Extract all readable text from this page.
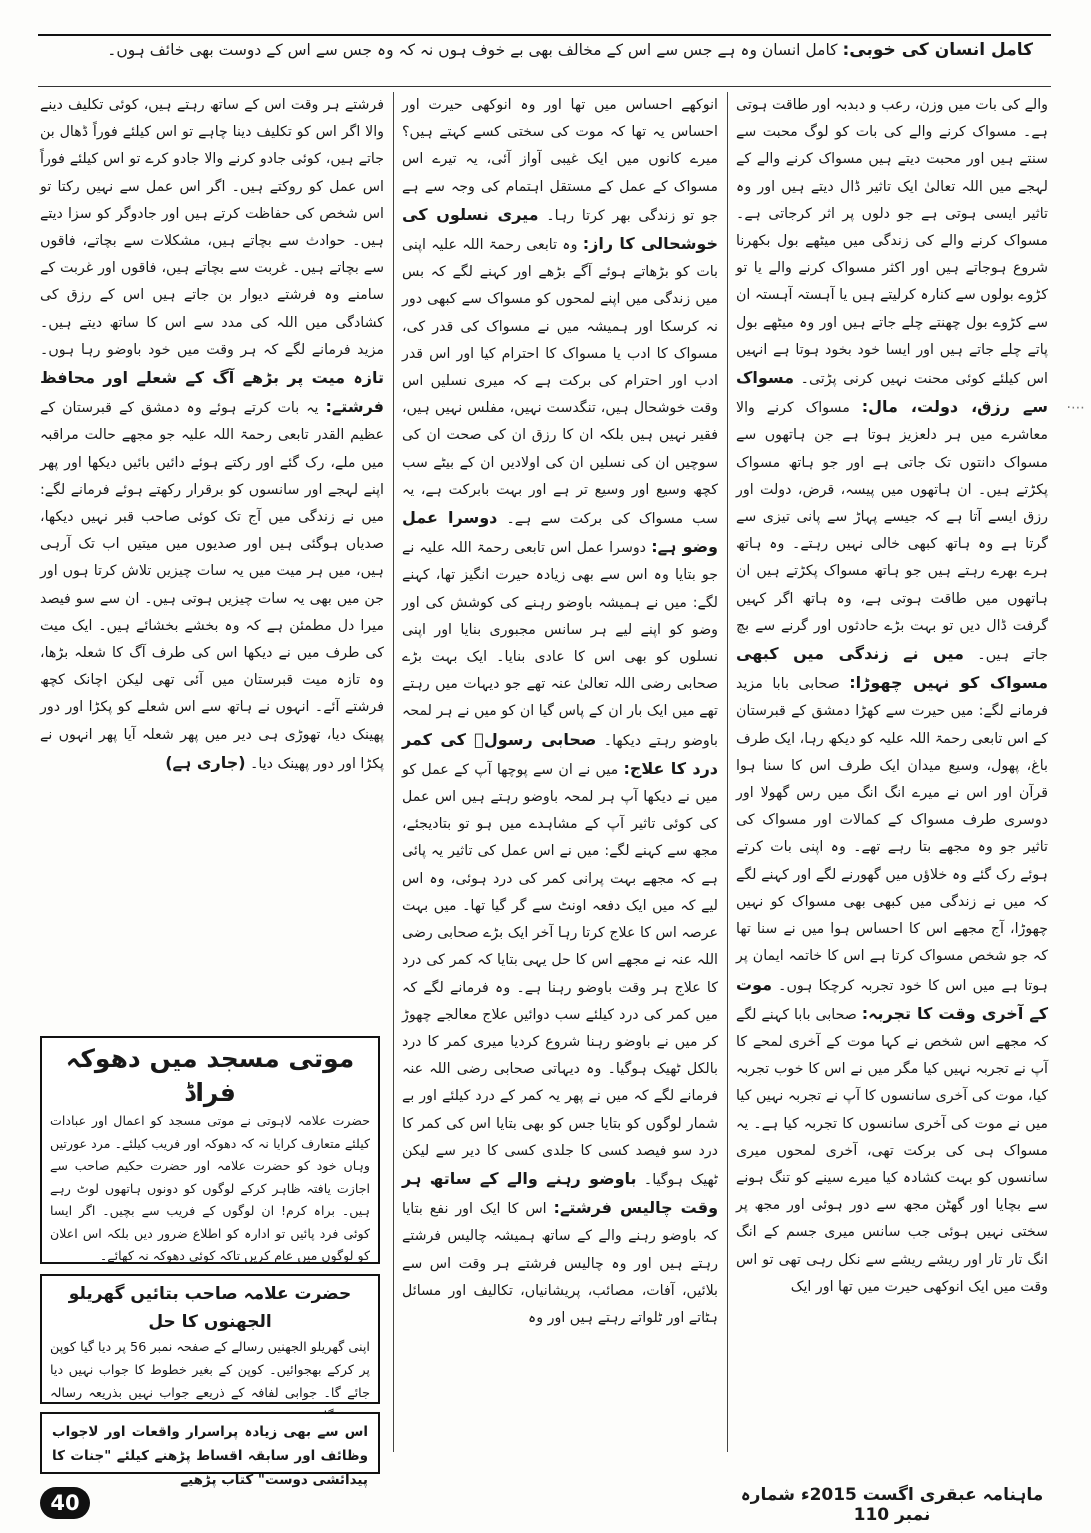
کامل انسان کی خوبی: کامل انسان وہ ہے جس سے اس کے مخالف بھی بے خوف ہوں نہ کہ وہ جس سے اس کے دوست بھی خائف ہوں۔

والے کی بات میں وزن، رعب و دبدبہ اور طاقت ہوتی ہے۔ مسواک کرنے والے کی بات کو لوگ محبت سے سنتے ہیں اور محبت دیتے ہیں مسواک کرنے والے کے لہجے میں اللہ تعالیٰ ایک تاثیر ڈال دیتے ہیں اور وہ تاثیر ایسی ہوتی ہے جو دلوں پر اثر کرجاتی ہے۔ مسواک کرنے والے کی زندگی میں میٹھے بول بکھرنا شروع ہوجاتے ہیں اور اکثر مسواک کرنے والے یا تو کڑوے بولوں سے کنارہ کرلیتے ہیں یا آہستہ آہستہ ان سے کڑوے بول چھنتے چلے جاتے ہیں اور وہ میٹھے بول پاتے چلے جاتے ہیں اور ایسا خود بخود ہوتا ہے انہیں اس کیلئے کوئی محنت نہیں کرنی پڑتی۔ مسواک سے رزق، دولت، مال: مسواک کرنے والا معاشرے میں ہر دلعزیز ہوتا ہے جن ہاتھوں سے مسواک دانتوں تک جاتی ہے اور جو ہاتھ مسواک پکڑتے ہیں۔ ان ہاتھوں میں پیسہ، قرض، دولت اور رزق ایسے آتا ہے کہ جیسے پہاڑ سے پانی تیزی سے گرتا ہے وہ ہاتھ کبھی خالی نہیں رہتے۔ وہ ہاتھ ہرے بھرے رہتے ہیں جو ہاتھ مسواک پکڑتے ہیں ان ہاتھوں میں طاقت ہوتی ہے، وہ ہاتھ اگر کہیں گرفت ڈال دیں تو بہت بڑے حادثوں اور گرنے سے بچ جاتے ہیں۔ میں نے زندگی میں کبھی مسواک کو نہیں چھوڑا: صحابی بابا مزید فرمانے لگے: میں حیرت سے کھڑا دمشق کے قبرستان کے اس تابعی رحمۃ اللہ علیہ کو دیکھ رہا، ایک طرف باغ، پھول، وسیع میدان ایک طرف اس کا سنا ہوا قرآن اور اس نے میرے انگ انگ میں رس گھولا اور دوسری طرف مسواک کے کمالات اور مسواک کی تاثیر جو وہ مجھے بتا رہے تھے۔ وہ اپنی بات کرتے ہوئے رک گئے وہ خلاؤں میں گھورنے لگے اور کہنے لگے کہ میں نے زندگی میں کبھی بھی مسواک کو نہیں چھوڑا، آج مجھے اس کا احساس ہوا میں نے سنا تھا کہ جو شخص مسواک کرتا ہے اس کا خاتمہ ایمان پر ہوتا ہے میں اس کا خود تجربہ کرچکا ہوں۔ موت کے آخری وقت کا تجربہ: صحابی بابا کہنے لگے کہ مجھے اس شخص نے کہا موت کے آخری لمحے کا آپ نے تجربہ نہیں کیا مگر میں نے اس کا خوب تجربہ کیا، موت کی آخری سانسوں کا آپ نے تجربہ نہیں کیا میں نے موت کی آخری سانسوں کا تجربہ کیا ہے۔ یہ مسواک ہی کی برکت تھی، آخری لمحوں میری سانسوں کو بہت کشادہ کیا میرے سینے کو تنگ ہونے سے بچایا اور گھٹن مجھ سے دور ہوئی اور مجھ پر سختی نہیں ہوئی جب سانس میری جسم کے انگ انگ تار تار اور ریشے ریشے سے نکل رہی تھی تو اس وقت میں ایک انوکھی حیرت میں تھا اور ایک

انوکھے احساس میں تھا اور وہ انوکھی حیرت اور احساس یہ تھا کہ موت کی سختی کسے کہتے ہیں؟ میرے کانوں میں ایک غیبی آواز آئی، یہ تیرے اس مسواک کے عمل کے مستقل اہتمام کی وجہ سے ہے جو تو زندگی بھر کرتا رہا۔ میری نسلوں کی خوشحالی کا راز: وہ تابعی رحمۃ اللہ علیہ اپنی بات کو بڑھاتے ہوئے آگے بڑھے اور کہنے لگے کہ بس میں زندگی میں اپنے لمحوں کو مسواک سے کبھی دور نہ کرسکا اور ہمیشہ میں نے مسواک کی قدر کی، مسواک کا ادب یا مسواک کا احترام کیا اور اس قدر ادب اور احترام کی برکت ہے کہ میری نسلیں اس وقت خوشحال ہیں، تنگدست نہیں، مفلس نہیں ہیں، فقیر نہیں ہیں بلکہ ان کا رزق ان کی صحت ان کی سوچیں ان کی نسلیں ان کی اولادیں ان کے بیٹے سب کچھ وسیع اور وسیع تر ہے اور بہت بابرکت ہے، یہ سب مسواک کی برکت سے ہے۔ دوسرا عمل وضو ہے: دوسرا عمل اس تابعی رحمۃ اللہ علیہ نے جو بتایا وہ اس سے بھی زیادہ حیرت انگیز تھا، کہنے لگے: میں نے ہمیشہ باوضو رہنے کی کوشش کی اور وضو کو اپنے لیے ہر سانس مجبوری بنایا اور اپنی نسلوں کو بھی اس کا عادی بنایا۔ ایک بہت بڑے صحابی رضی اللہ تعالیٰ عنہ تھے جو دیہات میں رہتے تھے میں ایک بار ان کے پاس گیا ان کو میں نے ہر لمحہ باوضو رہتے دیکھا۔ صحابی رسولؐ کی کمر درد کا علاج: میں نے ان سے پوچھا آپ کے عمل کو میں نے دیکھا آپ ہر لمحہ باوضو رہتے ہیں اس عمل کی کوئی تاثیر آپ کے مشاہدے میں ہو تو بتادیجئے، مجھ سے کہنے لگے: میں نے اس عمل کی تاثیر یہ پائی ہے کہ مجھے بہت پرانی کمر کی درد ہوئی، وہ اس لیے کہ میں ایک دفعہ اونٹ سے گر گیا تھا۔ میں بہت عرصہ اس کا علاج کرتا رہا آخر ایک بڑے صحابی رضی اللہ عنہ نے مجھے اس کا حل یہی بتایا کہ کمر کی درد کا علاج ہر وقت باوضو رہنا ہے۔ وہ فرمانے لگے کہ میں کمر کی درد کیلئے سب دوائیں علاج معالجے چھوڑ کر میں نے باوضو رہنا شروع کردیا میری کمر کا درد بالکل ٹھیک ہوگیا۔ وہ دیہاتی صحابی رضی اللہ عنہ فرمانے لگے کہ میں نے پھر یہ کمر کے درد کیلئے اور بے شمار لوگوں کو بتایا جس کو بھی بتایا اس کی کمر کا درد سو فیصد کسی کا جلدی کسی کا دیر سے لیکن ٹھیک ہوگیا۔ باوضو رہنے والے کے ساتھ ہر وقت چالیس فرشتے: اس کا ایک اور نفع بتایا کہ باوضو رہنے والے کے ساتھ ہمیشہ چالیس فرشتے رہتے ہیں اور وہ چالیس فرشتے ہر وقت اس سے بلائیں، آفات، مصائب، پریشانیاں، تکالیف اور مسائل ہٹاتے اور ٹلواتے رہتے ہیں اور وہ

فرشتے ہر وقت اس کے ساتھ رہتے ہیں، کوئی تکلیف دینے والا اگر اس کو تکلیف دینا چاہے تو اس کیلئے فوراً ڈھال بن جاتے ہیں، کوئی جادو کرنے والا جادو کرے تو اس کیلئے فوراً اس عمل کو روکتے ہیں۔ اگر اس عمل سے نہیں رکتا تو اس شخص کی حفاظت کرتے ہیں اور جادوگر کو سزا دیتے ہیں۔ حوادث سے بچاتے ہیں، مشکلات سے بچاتے، فاقوں سے بچاتے ہیں۔ غربت سے بچاتے ہیں، فاقوں اور غربت کے سامنے وہ فرشتے دیوار بن جاتے ہیں اس کے رزق کی کشادگی میں اللہ کی مدد سے اس کا ساتھ دیتے ہیں۔ مزید فرمانے لگے کہ ہر وقت میں خود باوضو رہا ہوں۔ تازہ میت پر بڑھے آگ کے شعلے اور محافظ فرشتے: یہ بات کرتے ہوئے وہ دمشق کے قبرستان کے عظیم القدر تابعی رحمۃ اللہ علیہ جو مجھے حالت مراقبہ میں ملے، رک گئے اور رکتے ہوئے دائیں بائیں دیکھا اور پھر اپنے لہجے اور سانسوں کو برقرار رکھتے ہوئے فرمانے لگے: میں نے زندگی میں آج تک کوئی صاحب قبر نہیں دیکھا، صدیاں ہوگئی ہیں اور صدیوں میں میتیں اب تک آرہی ہیں، میں ہر میت میں یہ سات چیزیں تلاش کرتا ہوں اور جن میں بھی یہ سات چیزیں ہوتی ہیں۔ ان سے سو فیصد میرا دل مطمئن ہے کہ وہ بخشے بخشائے ہیں۔ ایک میت کی طرف میں نے دیکھا اس کی طرف آگ کا شعلہ بڑھا، وہ تازہ میت قبرستان میں آئی تھی لیکن اچانک کچھ فرشتے آئے۔ انہوں نے ہاتھ سے اس شعلے کو پکڑا اور دور پھینک دیا، تھوڑی ہی دیر میں پھر شعلہ آیا پھر انہوں نے پکڑا اور دور پھینک دیا۔ (جاری ہے)

موتی مسجد میں دھوکہ فراڈ

حضرت علامہ لاہوتی نے موتی مسجد کو اعمال اور عبادات کیلئے متعارف کرایا نہ کہ دھوکہ اور فریب کیلئے۔ مرد عورتیں وہاں خود کو حضرت علامہ اور حضرت حکیم صاحب سے اجازت یافتہ ظاہر کرکے لوگوں کو دونوں ہاتھوں لوٹ رہے ہیں۔ براہ کرم! ان لوگوں کے فریب سے بچیں۔ اگر ایسا کوئی فرد پائیں تو ادارہ کو اطلاع ضرور دیں بلکہ اس اعلان کو لوگوں میں عام کریں تاکہ کوئی دھوکہ نہ کھائے۔

حضرت علامہ صاحب بتائیں گھریلو الجھنوں کا حل

اپنی گھریلو الجھنیں رسالے کے صفحہ نمبر 56 پر دیا گیا کوپن پر کرکے بھجوائیں۔ کوپن کے بغیر خطوط کا جواب نہیں دیا جائے گا۔ جوابی لفافہ کے ذریعے جواب نہیں بذریعہ رسالہ

اس سے بھی زیادہ پراسرار واقعات اور لاجواب وظائف اور سابقہ اقساط پڑھنے کیلئے "جنات کا پیدائشی دوست" کتاب پڑھیے

40	ماہنامہ عبقری اگست 2015ء شمارہ نمبر 110
·⋯
